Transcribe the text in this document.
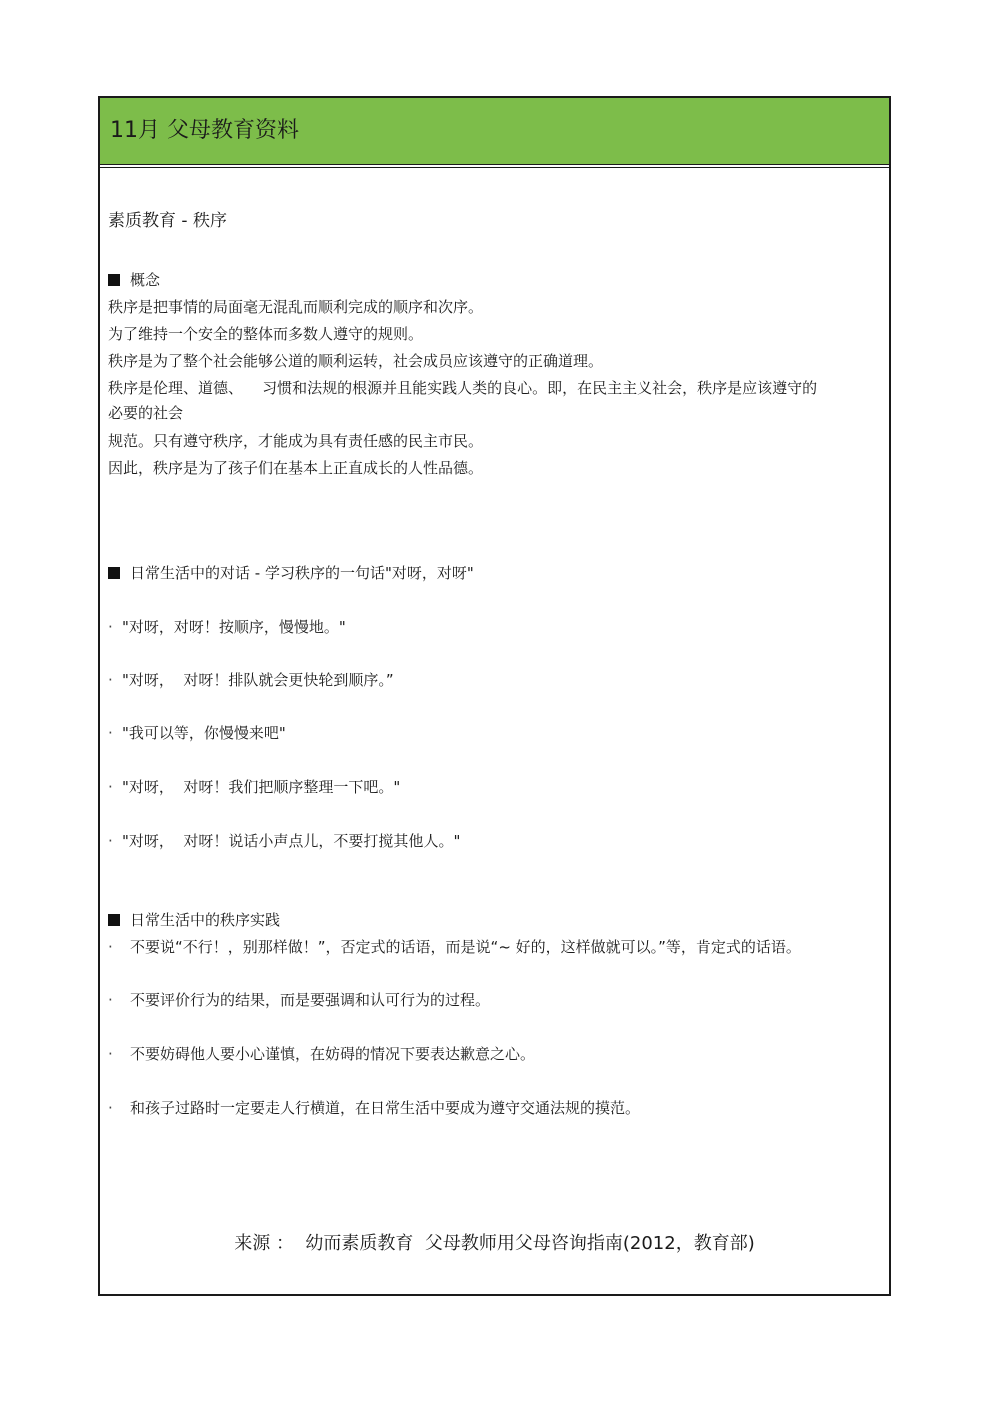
11月 父母教育资料
素质教育 - 秩序
概念
秩序是把事情的局面毫无混乱而顺利完成的顺序和次序。
为了维持一个安全的整体而多数人遵守的规则。
秩序是为了整个社会能够公道的顺利运转，社会成员应该遵守的正确道理。
秩序是伦理、道德、    习惯和法规的根源并且能实践人类的良心。即，在民主主义社会，秩序是应该遵守的
必要的社会
规范。只有遵守秩序，才能成为具有责任感的民主市民。
因此，秩序是为了孩子们在基本上正直成长的人性品德。
日常生活中的对话 - 学习秩序的一句话"对呀，对呀"
· "对呀，对呀！按顺序，慢慢地。"
· "对呀，  对呀！排队就会更快轮到顺序。”
· "我可以等，你慢慢来吧"
· "对呀，  对呀！我们把顺序整理一下吧。"
· "对呀，  对呀！说话小声点儿，不要打搅其他人。"
日常生活中的秩序实践
· 不要说“不行！，别那样做！”，否定式的话语，而是说“~ 好的，这样做就可以。”等，肯定式的话语。
· 不要评价行为的结果，而是要强调和认可行为的过程。
· 不要妨碍他人要小心谨慎，在妨碍的情况下要表达歉意之心。
· 和孩子过路时一定要走人行横道，在日常生活中要成为遵守交通法规的摸范。
来源 ：  幼而素质教育  父母教师用父母咨询指南(2012，教育部)
